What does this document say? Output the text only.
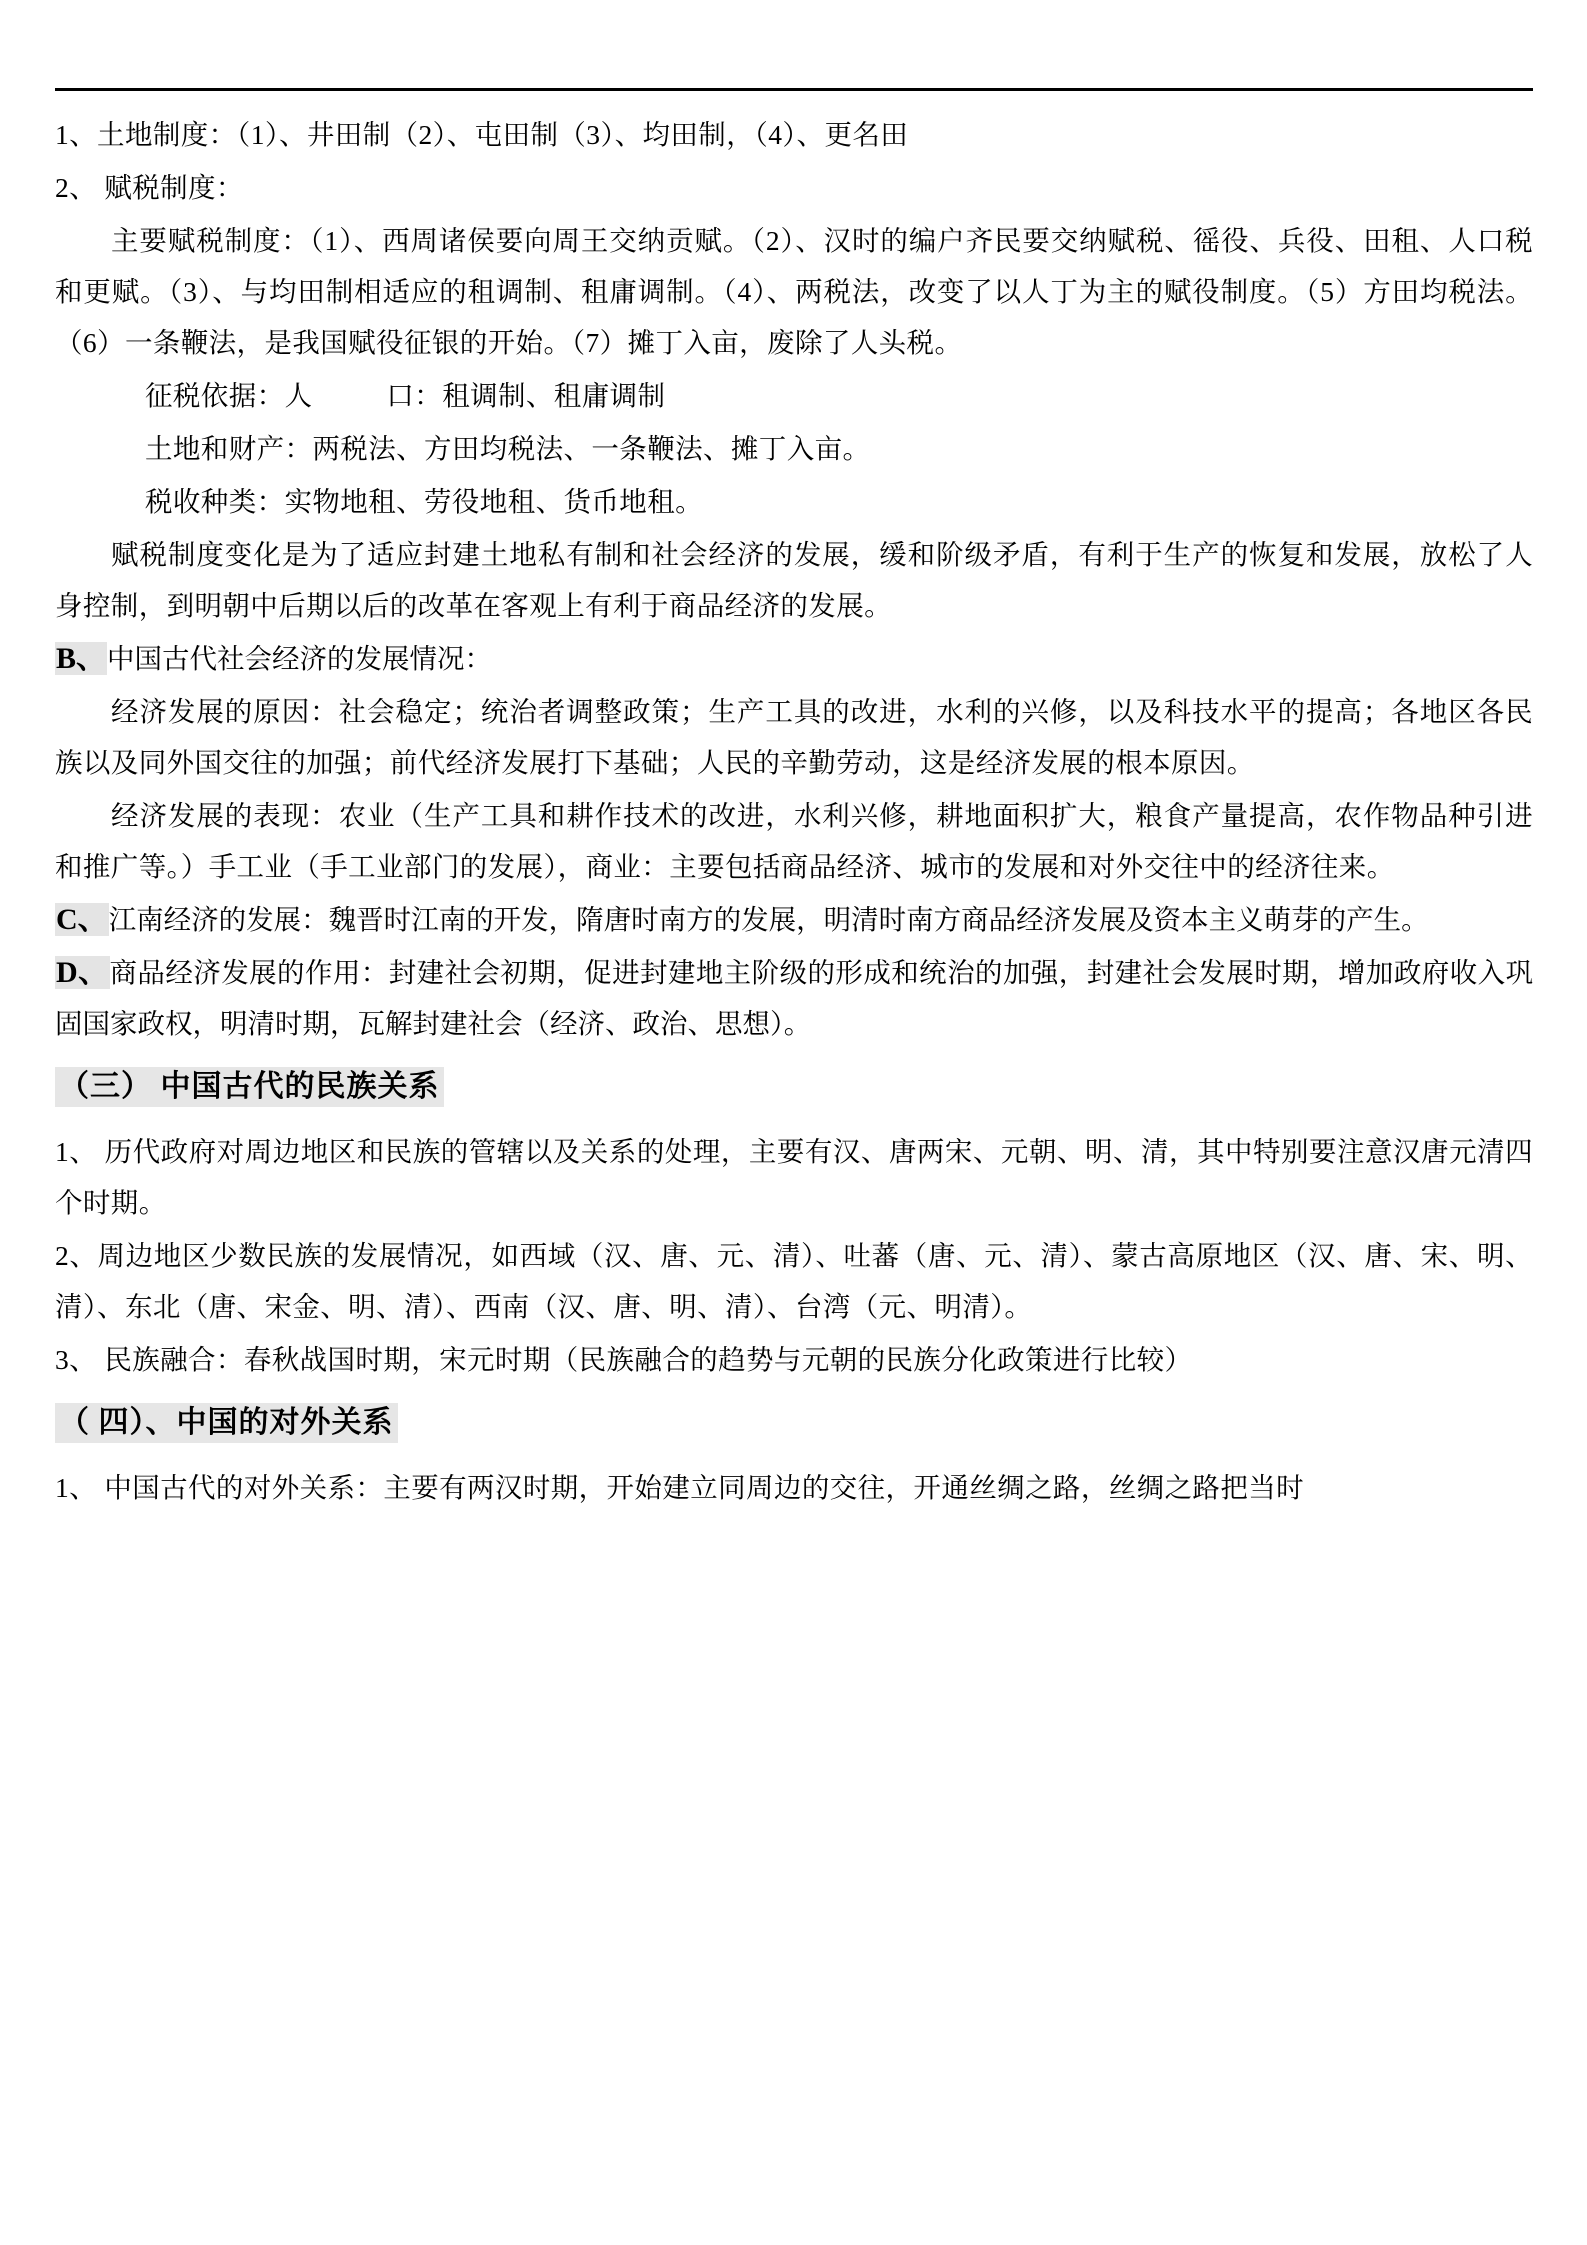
1、土地制度：（1）、井田制（2）、屯田制（3）、均田制，（4）、更名田

2、 赋税制度：

主要赋税制度：（1）、西周诸侯要向周王交纳贡赋。（2）、汉时的编户齐民要交纳赋税、徭役、兵役、田租、人口税和更赋。（3）、与均田制相适应的租调制、租庸调制。（4）、两税法，改变了以人丁为主的赋役制度。（5）方田均税法。（6）一条鞭法，是我国赋役征银的开始。（7）摊丁入亩，废除了人头税。

征税依据：人	口：租调制、租庸调制

土地和财产：两税法、方田均税法、一条鞭法、摊丁入亩。

税收种类：实物地租、劳役地租、货币地租。

赋税制度变化是为了适应封建土地私有制和社会经济的发展，缓和阶级矛盾，有利于生产的恢复和发展，放松了人身控制，到明朝中后期以后的改革在客观上有利于商品经济的发展。

B、中国古代社会经济的发展情况：

经济发展的原因：社会稳定；统治者调整政策；生产工具的改进，水利的兴修，以及科技水平的提高；各地区各民族以及同外国交往的加强；前代经济发展打下基础；人民的辛勤劳动，这是经济发展的根本原因。

经济发展的表现：农业（生产工具和耕作技术的改进，水利兴修，耕地面积扩大，粮食产量提高，农作物品种引进和推广等。）手工业（手工业部门的发展），商业：主要包括商品经济、城市的发展和对外交往中的经济往来。

C、江南经济的发展：魏晋时江南的开发，隋唐时南方的发展，明清时南方商品经济发展及资本主义萌芽的产生。

D、商品经济发展的作用：封建社会初期，促进封建地主阶级的形成和统治的加强，封建社会发展时期，增加政府收入巩固国家政权，明清时期，瓦解封建社会（经济、政治、思想）。

（三） 中国古代的民族关系

1、 历代政府对周边地区和民族的管辖以及关系的处理，主要有汉、唐两宋、元朝、明、清，其中特别要注意汉唐元清四个时期。

2、周边地区少数民族的发展情况，如西域（汉、唐、元、清）、吐蕃（唐、元、清）、蒙古高原地区（汉、唐、宋、明、清）、东北（唐、宋金、明、清）、西南（汉、唐、明、清）、台湾（元、明清）。

3、 民族融合：春秋战国时期，宋元时期（民族融合的趋势与元朝的民族分化政策进行比较）

（ 四）、中国的对外关系

1、 中国古代的对外关系：主要有两汉时期，开始建立同周边的交往，开通丝绸之路，丝绸之路把当时
